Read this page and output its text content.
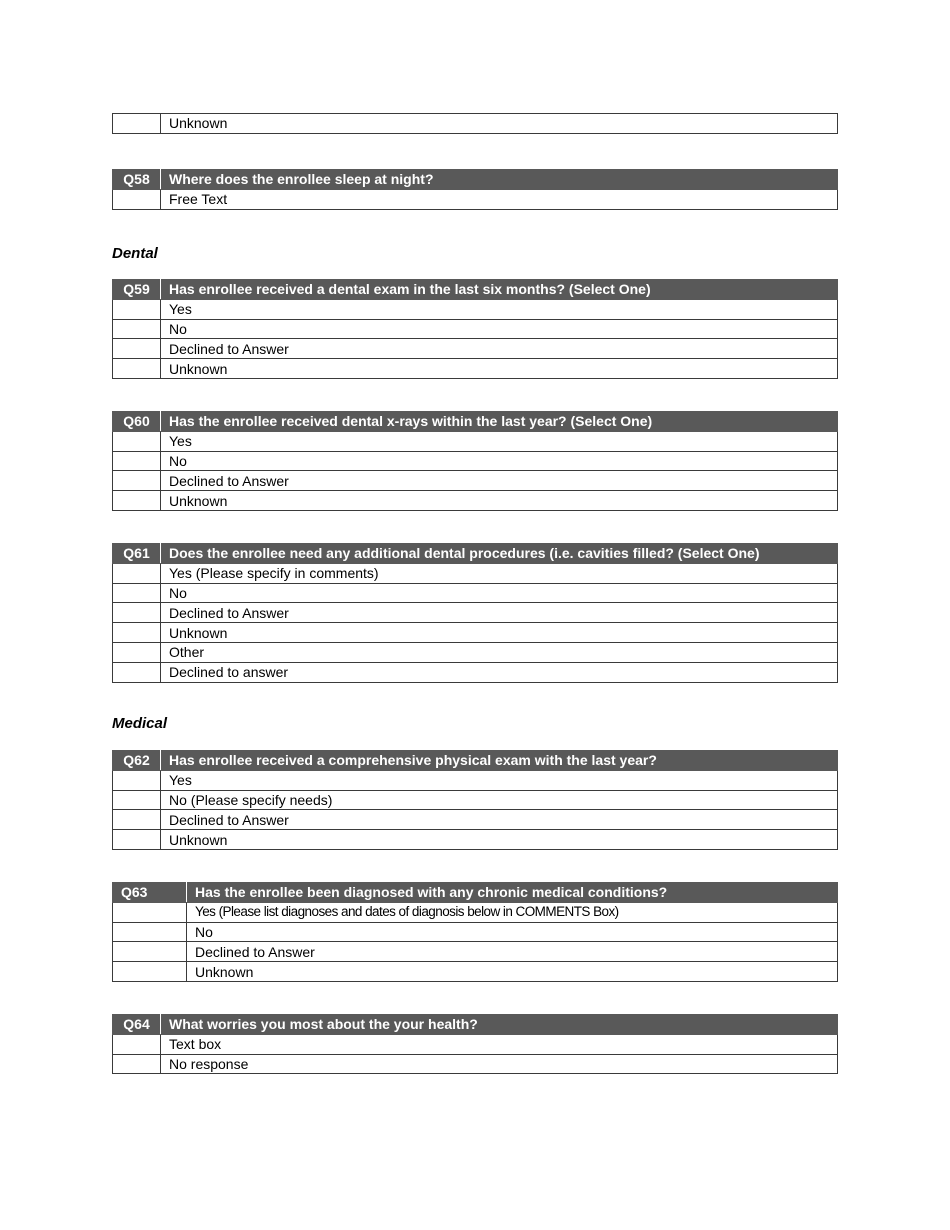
	Unknown
Q58	Where does the enrollee sleep at night?
	Free Text
Dental
Q59	Has enrollee received a dental exam in the last six months? (Select One)
	Yes
	No
	Declined to Answer
	Unknown
Q60	Has the enrollee received dental x-rays within the last year? (Select One)
	Yes
	No
	Declined to Answer
	Unknown
Q61	Does the enrollee need any additional dental procedures (i.e. cavities filled? (Select One)
	Yes (Please specify in comments)
	No
	Declined to Answer
	Unknown
	Other
	Declined to answer
Medical
Q62	Has enrollee received a comprehensive physical exam with the last year?
	Yes
	No (Please specify needs)
	Declined to Answer
	Unknown
Q63	Has the enrollee been diagnosed with any chronic medical conditions?
	Yes (Please list diagnoses and dates of diagnosis below in COMMENTS Box)
	No
	Declined to Answer
	Unknown
Q64	What worries you most about the your health?
	Text box
	No response
